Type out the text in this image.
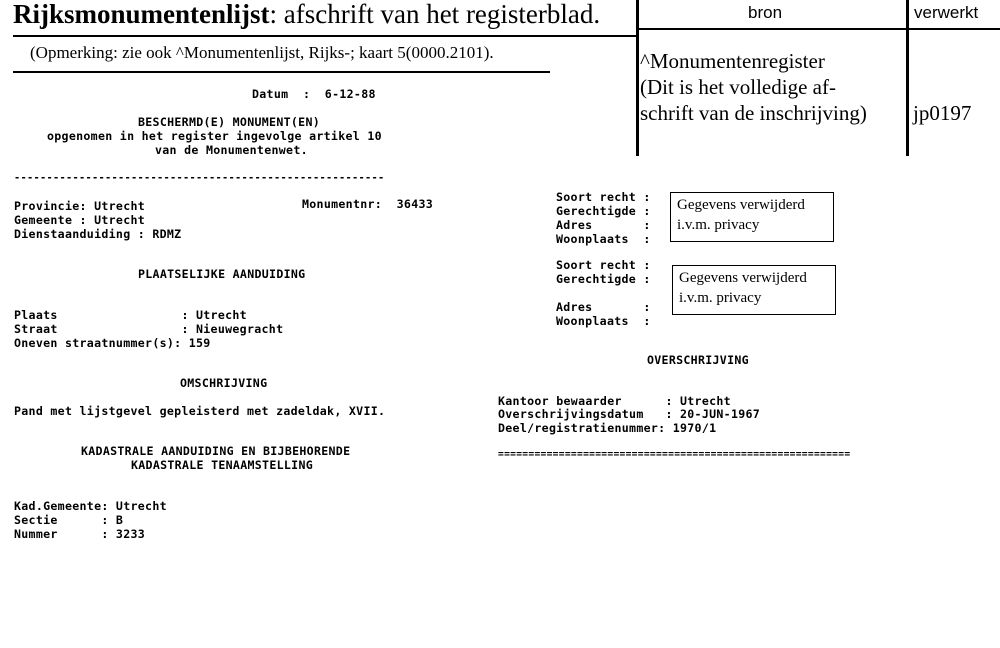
Rijksmonumentenlijst: afschrift van het registerblad.
(Opmerking: zie ook ^Monumentenlijst, Rijks-; kaart 5(0000.2101).
bron	verwerkt
^Monumentenregister
(Dit is het volledige af-
schrift van de inschrijving) jp0197
Datum  :  6-12-88
BESCHERMD(E) MONUMENT(EN)
opgenomen in het register ingevolge artikel 10
van de Monumentenwet.
---------------------------------------------------------
Provincie: Utrecht	Monumentnr:  36433
Gemeente : Utrecht
Dienstaanduiding : RDMZ
PLAATSELIJKE AANDUIDING
Plaats                 : Utrecht
Straat                 : Nieuwegracht
Oneven straatnummer(s): 159
OMSCHRIJVING
Pand met lijstgevel gepleisterd met zadeldak, XVII.
KADASTRALE AANDUIDING EN BIJBEHORENDE
KADASTRALE TENAAMSTELLING
Kad.Gemeente: Utrecht
Sectie      : B
Nummer      : 3233
Soort recht :
Gerechtigde :
Adres       :
Woonplaats  :
Gegevens verwijderd
i.v.m. privacy
Soort recht :
Gerechtigde :

Adres       :
Woonplaats  :
Gegevens verwijderd
i.v.m. privacy
OVERSCHRIJVING
Kantoor bewaarder      : Utrecht
Overschrijvingsdatum   : 20-JUN-1967
Deel/registratienummer: 1970/1
==========================================================
